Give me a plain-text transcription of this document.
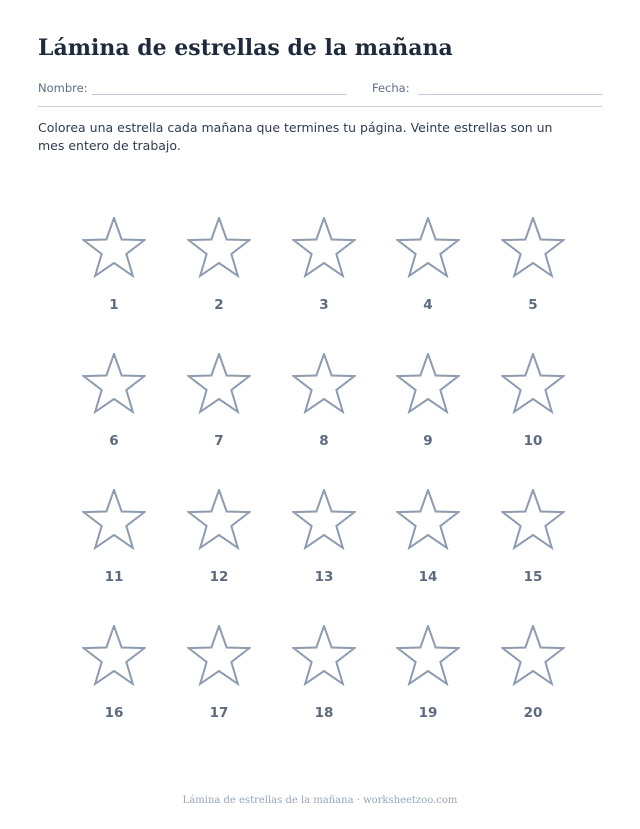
Lámina de estrellas de la mañana
Nombre:	Fecha:

Colorea una estrella cada mañana que termines tu página. Veinte estrellas son un mes entero de trabajo.

1	2	3	4	5
6	7	8	9	10
11	12	13	14	15
16	17	18	19	20
Lámina de estrellas de la mañana · worksheetzoo.com
